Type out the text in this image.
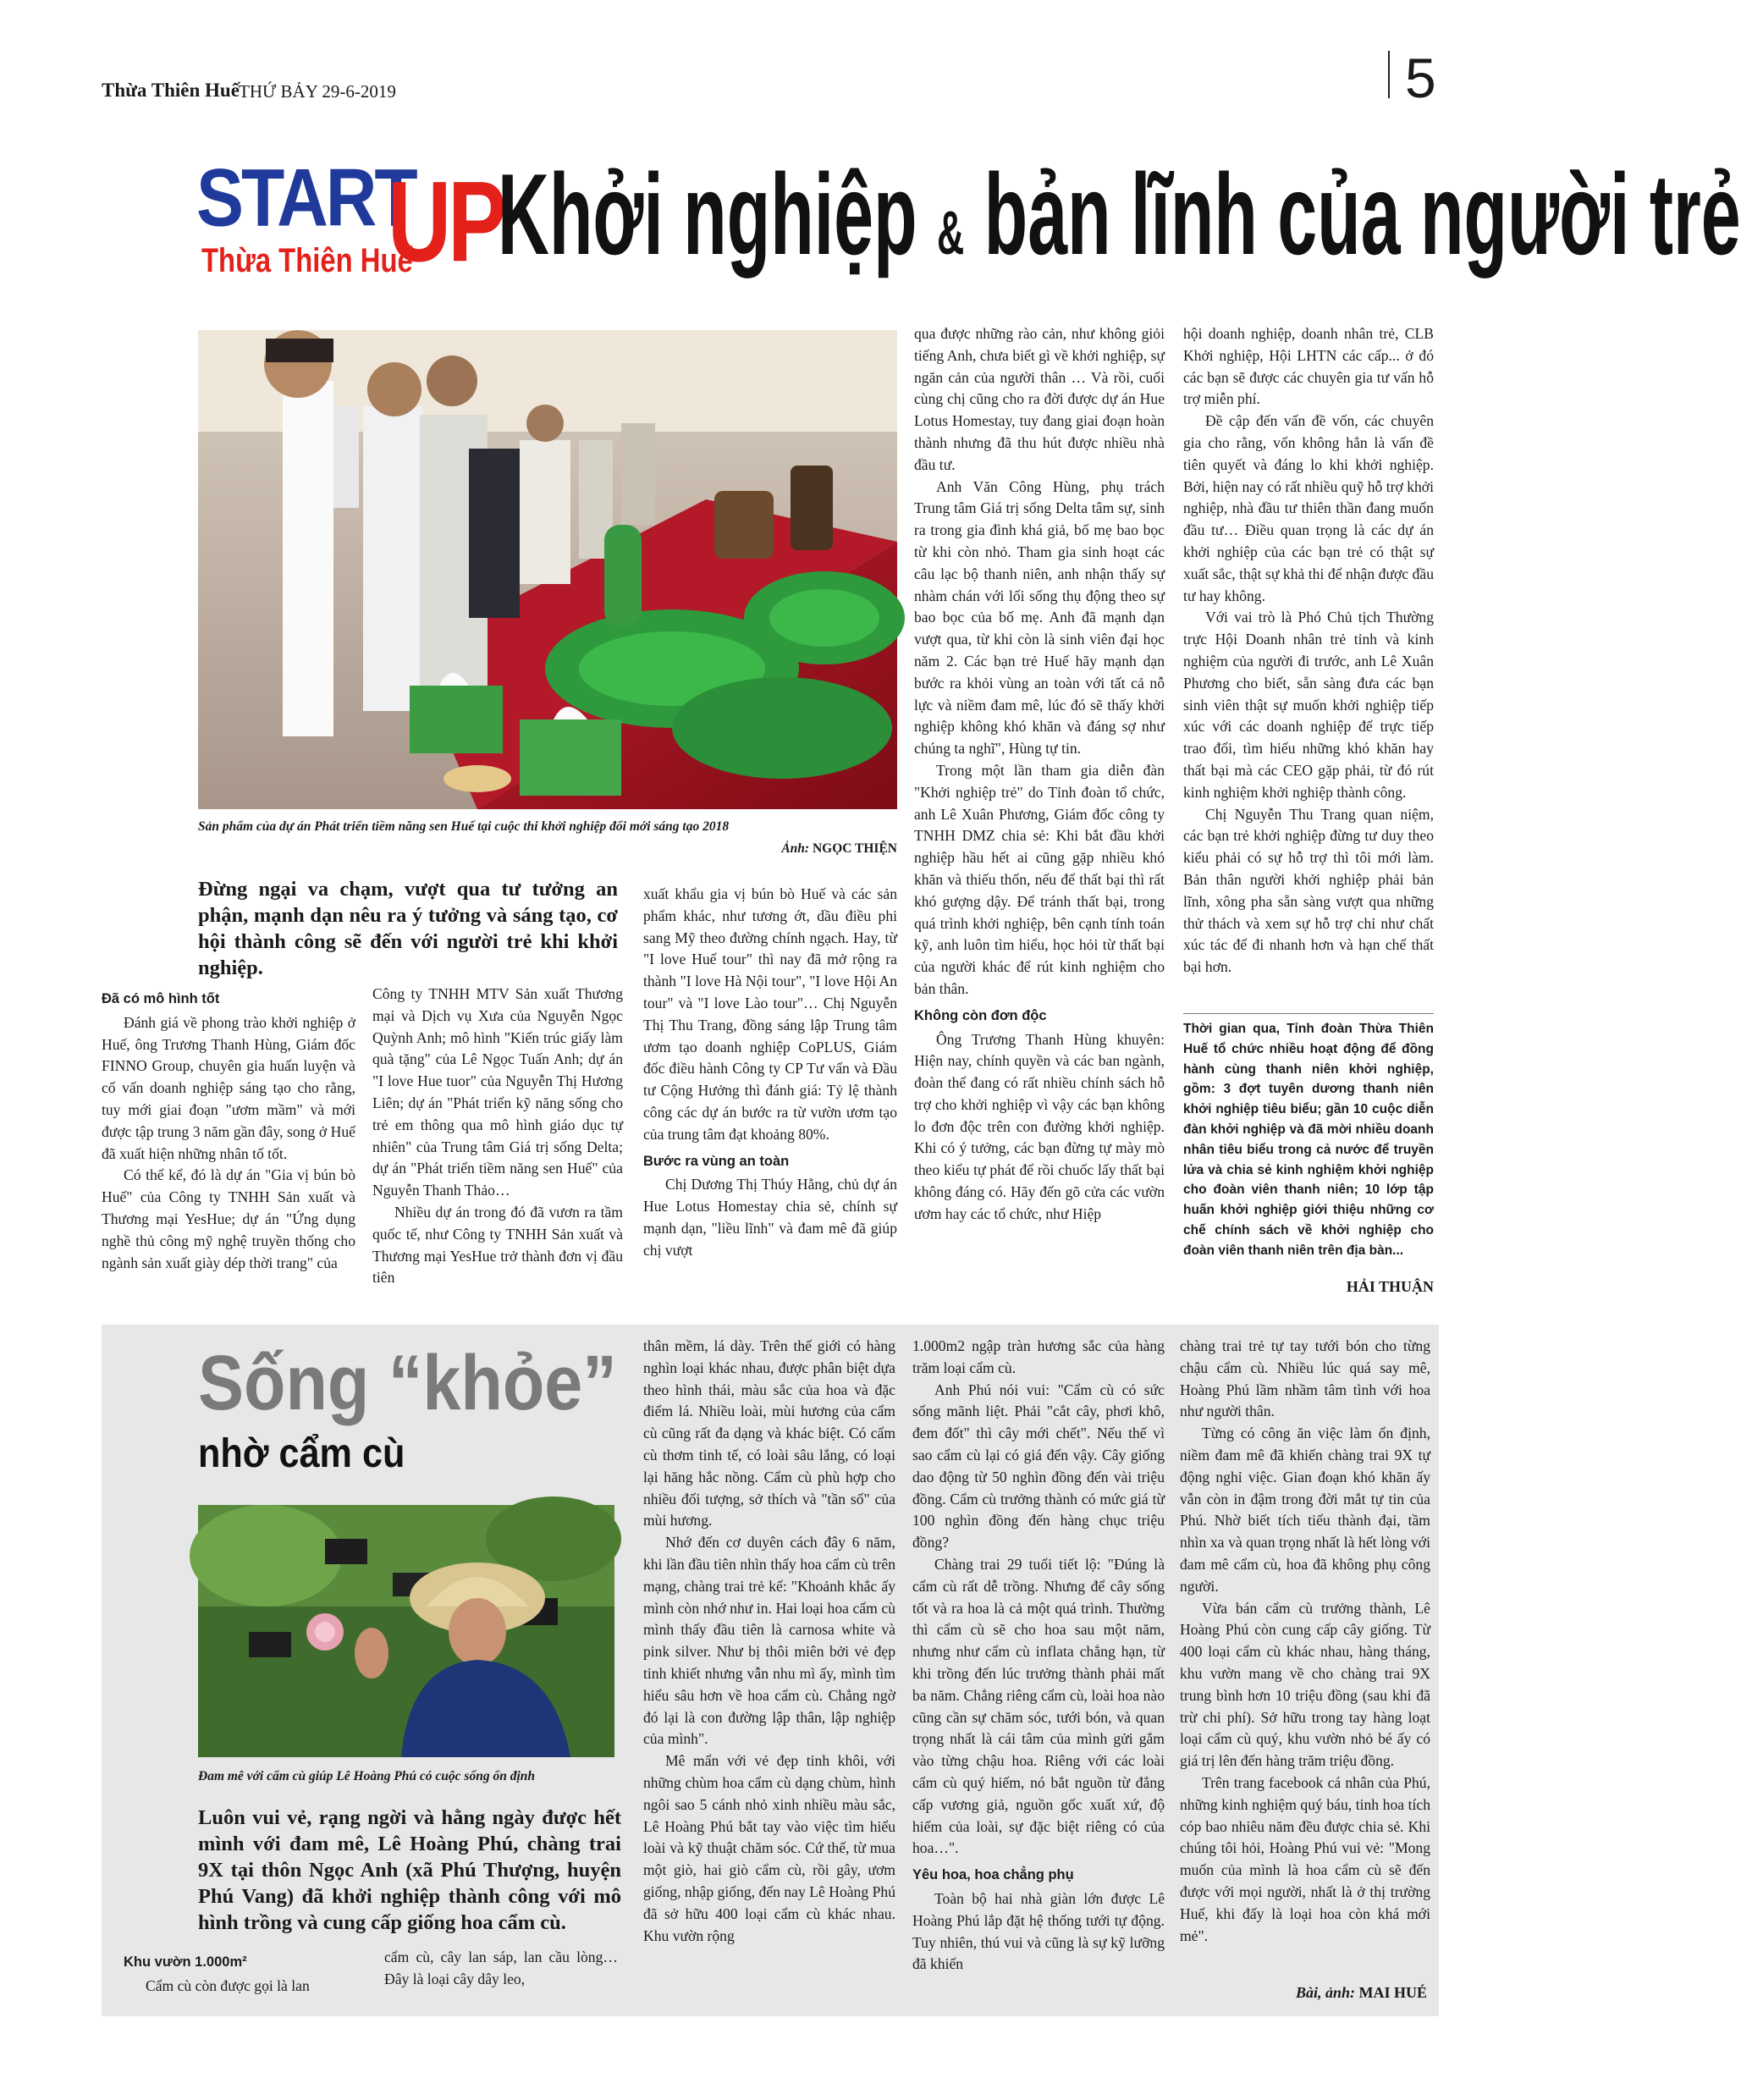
Thừa Thiên Huế THỨ BẢY 29-6-2019	5
START
UP
Thừa Thiên Huế Khởi nghiệp & bản lĩnh của người trẻ
Sản phẩm của dự án Phát triển tiềm năng sen Huế tại cuộc thi khởi nghiệp đổi mới sáng tạo 2018
Ảnh: NGỌC THIỆN
Đừng ngại va chạm, vượt qua tư tưởng an phận, mạnh dạn nêu ra ý tưởng và sáng tạo, cơ hội thành công sẽ đến với người trẻ khi khởi nghiệp.

Đã có mô hình tốt

Đánh giá về phong trào khởi nghiệp ở Huế, ông Trương Thanh Hùng, Giám đốc FINNO Group, chuyên gia huấn luyện và cố vấn doanh nghiệp sáng tạo cho rằng, tuy mới giai đoạn "ươm mầm" và mới được tập trung 3 năm gần đây, song ở Huế đã xuất hiện những nhân tố tốt.

Có thể kể, đó là dự án "Gia vị bún bò Huế" của Công ty TNHH Sản xuất và Thương mại YesHue; dự án "Ứng dụng nghề thủ công mỹ nghệ truyền thống cho ngành sản xuất giày dép thời trang" của

Công ty TNHH MTV Sản xuất Thương mại và Dịch vụ Xưa của Nguyễn Ngọc Quỳnh Anh; mô hình "Kiến trúc giấy làm quà tặng" của Lê Ngọc Tuấn Anh; dự án "I love Hue tuor" của Nguyễn Thị Hương Liên; dự án "Phát triển kỹ năng sống cho trẻ em thông qua mô hình giáo dục tự nhiên" của Trung tâm Giá trị sống Delta; dự án "Phát triển tiềm năng sen Huế" của Nguyễn Thanh Thảo…

Nhiều dự án trong đó đã vươn ra tầm quốc tế, như Công ty TNHH Sản xuất và Thương mại YesHue trở thành đơn vị đầu tiên

xuất khẩu gia vị bún bò Huế và các sản phẩm khác, như tương ớt, dầu điều phi sang Mỹ theo đường chính ngạch. Hay, từ "I love Huế tour" thì nay đã mở rộng ra thành "I love Hà Nội tour", "I love Hội An tour" và "I love Lào tour"… Chị Nguyễn Thị Thu Trang, đồng sáng lập Trung tâm ươm tạo doanh nghiệp CoPLUS, Giám đốc điều hành Công ty CP Tư vấn và Đầu tư Cộng Hưởng thì đánh giá: Tỷ lệ thành công các dự án bước ra từ vườn ươm tạo của trung tâm đạt khoảng 80%.

Bước ra vùng an toàn

Chị Dương Thị Thúy Hằng, chủ dự án Hue Lotus Homestay chia sẻ, chính sự mạnh dạn, "liều lĩnh" và đam mê đã giúp chị vượt

qua được những rào cản, như không giỏi tiếng Anh, chưa biết gì về khởi nghiệp, sự ngăn cản của người thân … Và rồi, cuối cùng chị cũng cho ra đời được dự án Hue Lotus Homestay, tuy đang giai đoạn hoàn thành nhưng đã thu hút được nhiều nhà đầu tư.

Anh Văn Công Hùng, phụ trách Trung tâm Giá trị sống Delta tâm sự, sinh ra trong gia đình khá giả, bố mẹ bao bọc từ khi còn nhỏ. Tham gia sinh hoạt các câu lạc bộ thanh niên, anh nhận thấy sự nhàm chán với lối sống thụ động theo sự bao bọc của bố mẹ. Anh đã mạnh dạn vượt qua, từ khi còn là sinh viên đại học năm 2. Các bạn trẻ Huế hãy mạnh dạn bước ra khỏi vùng an toàn với tất cả nỗ lực và niềm đam mê, lúc đó sẽ thấy khởi nghiệp không khó khăn và đáng sợ như chúng ta nghĩ", Hùng tự tin.

Trong một lần tham gia diễn đàn "Khởi nghiệp trẻ" do Tỉnh đoàn tổ chức, anh Lê Xuân Phương, Giám đốc công ty TNHH DMZ chia sẻ: Khi bắt đầu khởi nghiệp hầu hết ai cũng gặp nhiều khó khăn và thiếu thốn, nếu để thất bại thì rất khó gượng dậy. Để tránh thất bại, trong quá trình khởi nghiệp, bên cạnh tính toán kỹ, anh luôn tìm hiểu, học hỏi từ thất bại của người khác để rút kinh nghiệm cho bản thân.

Không còn đơn độc

Ông Trương Thanh Hùng khuyên: Hiện nay, chính quyền và các ban ngành, đoàn thể đang có rất nhiều chính sách hỗ trợ cho khởi nghiệp vì vậy các bạn không lo đơn độc trên con đường khởi nghiệp. Khi có ý tưởng, các bạn đừng tự mày mò theo kiểu tự phát để rồi chuốc lấy thất bại không đáng có. Hãy đến gõ cửa các vườn ươm hay các tổ chức, như Hiệp

hội doanh nghiệp, doanh nhân trẻ, CLB Khởi nghiệp, Hội LHTN các cấp... ở đó các bạn sẽ được các chuyên gia tư vấn hỗ trợ miễn phí.

Đề cập đến vấn đề vốn, các chuyên gia cho rằng, vốn không hẳn là vấn đề tiên quyết và đáng lo khi khởi nghiệp. Bởi, hiện nay có rất nhiều quỹ hỗ trợ khởi nghiệp, nhà đầu tư thiên thần đang muốn đầu tư… Điều quan trọng là các dự án khởi nghiệp của các bạn trẻ có thật sự xuất sắc, thật sự khả thi để nhận được đầu tư hay không.

Với vai trò là Phó Chủ tịch Thường trực Hội Doanh nhân trẻ tỉnh và kinh nghiệm của người đi trước, anh Lê Xuân Phương cho biết, sẵn sàng đưa các bạn sinh viên thật sự muốn khởi nghiệp tiếp xúc với các doanh nghiệp để trực tiếp trao đổi, tìm hiểu những khó khăn hay thất bại mà các CEO gặp phải, từ đó rút kinh nghiệm khởi nghiệp thành công.

Chị Nguyễn Thu Trang quan niệm, các bạn trẻ khởi nghiệp đừng tư duy theo kiểu phải có sự hỗ trợ thì tôi mới làm. Bản thân người khởi nghiệp phải bản lĩnh, xông pha sẵn sàng vượt qua những thử thách và xem sự hỗ trợ chỉ như chất xúc tác để đi nhanh hơn và hạn chế thất bại hơn.

Thời gian qua, Tỉnh đoàn Thừa Thiên Huế tổ chức nhiều hoạt động để đồng hành cùng thanh niên khởi nghiệp, gồm: 3 đợt tuyên dương thanh niên khởi nghiệp tiêu biểu; gần 10 cuộc diễn đàn khởi nghiệp và đã mời nhiều doanh nhân tiêu biểu trong cả nước để truyền lửa và chia sẻ kinh nghiệm khởi nghiệp cho đoàn viên thanh niên; 10 lớp tập huấn khởi nghiệp giới thiệu những cơ chế chính sách về khởi nghiệp cho đoàn viên thanh niên trên địa bàn...
HẢI THUẬN
Sống “khỏe”
nhờ cẩm cù
Đam mê với cẩm cù giúp Lê Hoàng Phú có cuộc sống ổn định
Luôn vui vẻ, rạng ngời và hằng ngày được hết mình với đam mê, Lê Hoàng Phú, chàng trai 9X tại thôn Ngọc Anh (xã Phú Thượng, huyện Phú Vang) đã khởi nghiệp thành công với mô hình trồng và cung cấp giống hoa cẩm cù.

Khu vườn 1.000m²

Cẩm cù còn được gọi là lan

cẩm cù, cây lan sáp, lan cầu lòng…Đây là loại cây dây leo,

thân mềm, lá dày. Trên thế giới có hàng nghìn loại khác nhau, được phân biệt dựa theo hình thái, màu sắc của hoa và đặc điểm lá. Nhiều loài, mùi hương của cẩm cù cũng rất đa dạng và khác biệt. Có cẩm cù thơm tinh tế, có loài sâu lắng, có loại lại hăng hắc nồng. Cẩm cù phù hợp cho nhiều đối tượng, sở thích và "tần số" của mùi hương.

Nhớ đến cơ duyên cách đây 6 năm, khi lần đầu tiên nhìn thấy hoa cẩm cù trên mạng, chàng trai trẻ kể: "Khoảnh khắc ấy mình còn nhớ như in. Hai loại hoa cẩm cù mình thấy đầu tiên là carnosa white và pink silver. Như bị thôi miên bởi vẻ đẹp tinh khiết nhưng vẫn nhu mì ấy, mình tìm hiểu sâu hơn về hoa cẩm cù. Chẳng ngờ đó lại là con đường lập thân, lập nghiệp của mình".

Mê mẩn với vẻ đẹp tinh khôi, với những chùm hoa cẩm cù dạng chùm, hình ngôi sao 5 cánh nhỏ xinh nhiều màu sắc, Lê Hoàng Phú bắt tay vào việc tìm hiểu loài và kỹ thuật chăm sóc. Cứ thế, từ mua một giò, hai giò cẩm cù, rồi gây, ươm giống, nhập giống, đến nay Lê Hoàng Phú đã sở hữu 400 loại cẩm cù khác nhau. Khu vườn rộng

1.000m2 ngập tràn hương sắc của hàng trăm loại cẩm cù.

Anh Phú nói vui: "Cẩm cù có sức sống mãnh liệt. Phải "cắt cây, phơi khô, đem đốt" thì cây mới chết". Nếu thế vì sao cẩm cù lại có giá đến vậy. Cây giống dao động từ 50 nghìn đồng đến vài triệu đồng. Cẩm cù trưởng thành có mức giá từ 100 nghìn đồng đến hàng chục triệu đồng?

Chàng trai 29 tuổi tiết lộ: "Đúng là cẩm cù rất dễ trồng. Nhưng để cây sống tốt và ra hoa là cả một quá trình. Thường thì cẩm cù sẽ cho hoa sau một năm, nhưng như cẩm cù inflata chẳng hạn, từ khi trồng đến lúc trưởng thành phải mất ba năm. Chẳng riêng cẩm cù, loài hoa nào cũng cần sự chăm sóc, tưới bón, và quan trọng nhất là cái tâm của mình gửi gắm vào từng chậu hoa. Riêng với các loài cẩm cù quý hiếm, nó bắt nguồn từ đẳng cấp vương giả, nguồn gốc xuất xứ, độ hiếm của loài, sự đặc biệt riêng có của hoa…".

Yêu hoa, hoa chẳng phụ

Toàn bộ hai nhà giàn lớn được Lê Hoàng Phú lắp đặt hệ thống tưới tự động. Tuy nhiên, thú vui và cũng là sự kỹ lưỡng đã khiến

chàng trai trẻ tự tay tưới bón cho từng chậu cẩm cù. Nhiều lúc quá say mê, Hoàng Phú lầm nhầm tâm tình với hoa như người thân.

Từng có công ăn việc làm ổn định, niềm đam mê đã khiến chàng trai 9X tự động nghỉ việc. Gian đoạn khó khăn ấy vẫn còn in đậm trong đời mắt tự tin của Phú. Nhờ biết tích tiểu thành đại, tầm nhìn xa và quan trọng nhất là hết lòng với đam mê cẩm cù, hoa đã không phụ công người.

Vừa bán cẩm cù trưởng thành, Lê Hoàng Phú còn cung cấp cây giống. Từ 400 loại cẩm cù khác nhau, hàng tháng, khu vườn mang về cho chàng trai 9X trung bình hơn 10 triệu đồng (sau khi đã trừ chi phí). Sở hữu trong tay hàng loạt loại cẩm cù quý, khu vườn nhỏ bé ấy có giá trị lên đến hàng trăm triệu đồng.

Trên trang facebook cá nhân của Phú, những kinh nghiệm quý báu, tinh hoa tích cóp bao nhiêu năm đều được chia sẻ. Khi chúng tôi hỏi, Hoàng Phú vui vẻ: "Mong muốn của mình là hoa cẩm cù sẽ đến được với mọi người, nhất là ở thị trường Huế, khi đấy là loại hoa còn khá mới mẻ".

Bài, ảnh: MAI HUÉ
